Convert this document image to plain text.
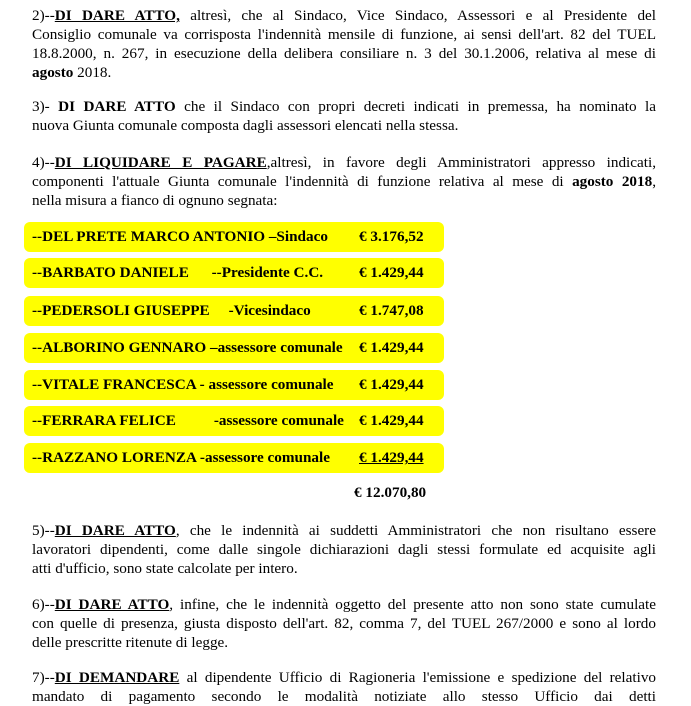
2)--DI DARE ATTO, altresì, che al Sindaco, Vice Sindaco, Assessori e al Presidente del
Consiglio comunale va corrisposta l'indennità mensile di funzione, ai sensi dell'art. 82 del TUEL
18.8.2000, n. 267, in esecuzione della delibera consiliare n. 3 del 30.1.2006, relativa al mese di
agosto 2018.
3)- DI DARE ATTO che il Sindaco con propri decreti indicati in premessa, ha nominato la
nuova Giunta comunale composta dagli assessori elencati nella stessa.
4)--DI LIQUIDARE E PAGARE,altresì, in favore degli Amministratori appresso indicati,
componenti l'attuale Giunta comunale l'indennità di funzione relativa al mese di agosto 2018,
nella misura a fianco di ognuno segnata:
--DEL PRETE MARCO ANTONIO –Sindaco € 3.176,52
--BARBATO DANIELE      --Presidente C.C. € 1.429,44
--PEDERSOLI GIUSEPPE     -Vicesindaco	€ 1.747,08
--ALBORINO GENNARO –assessore comunale € 1.429,44
--VITALE FRANCESCA - assessore comunale € 1.429,44
--FERRARA FELICE          -assessore comunale € 1.429,44
--RAZZANO LORENZA -assessore comunale € 1.429,44
€ 12.070,80
5)--DI DARE ATTO, che le indennità ai suddetti Amministratori che non risultano essere
lavoratori dipendenti, come dalle singole dichiarazioni dagli stessi formulate ed acquisite agli
atti d'ufficio, sono state calcolate per intero.
6)--DI DARE ATTO, infine, che le indennità oggetto del presente atto non sono state cumulate
con quelle di presenza, giusta disposto dell'art. 82, comma 7, del TUEL 267/2000 e sono al lordo
delle prescritte ritenute di legge.
7)--DI DEMANDARE al dipendente Ufficio di Ragioneria l'emissione e spedizione del relativo
mandato   di   pagamento   secondo   le   modalità   notiziate   allo   stesso   Ufficio   dai   detti
